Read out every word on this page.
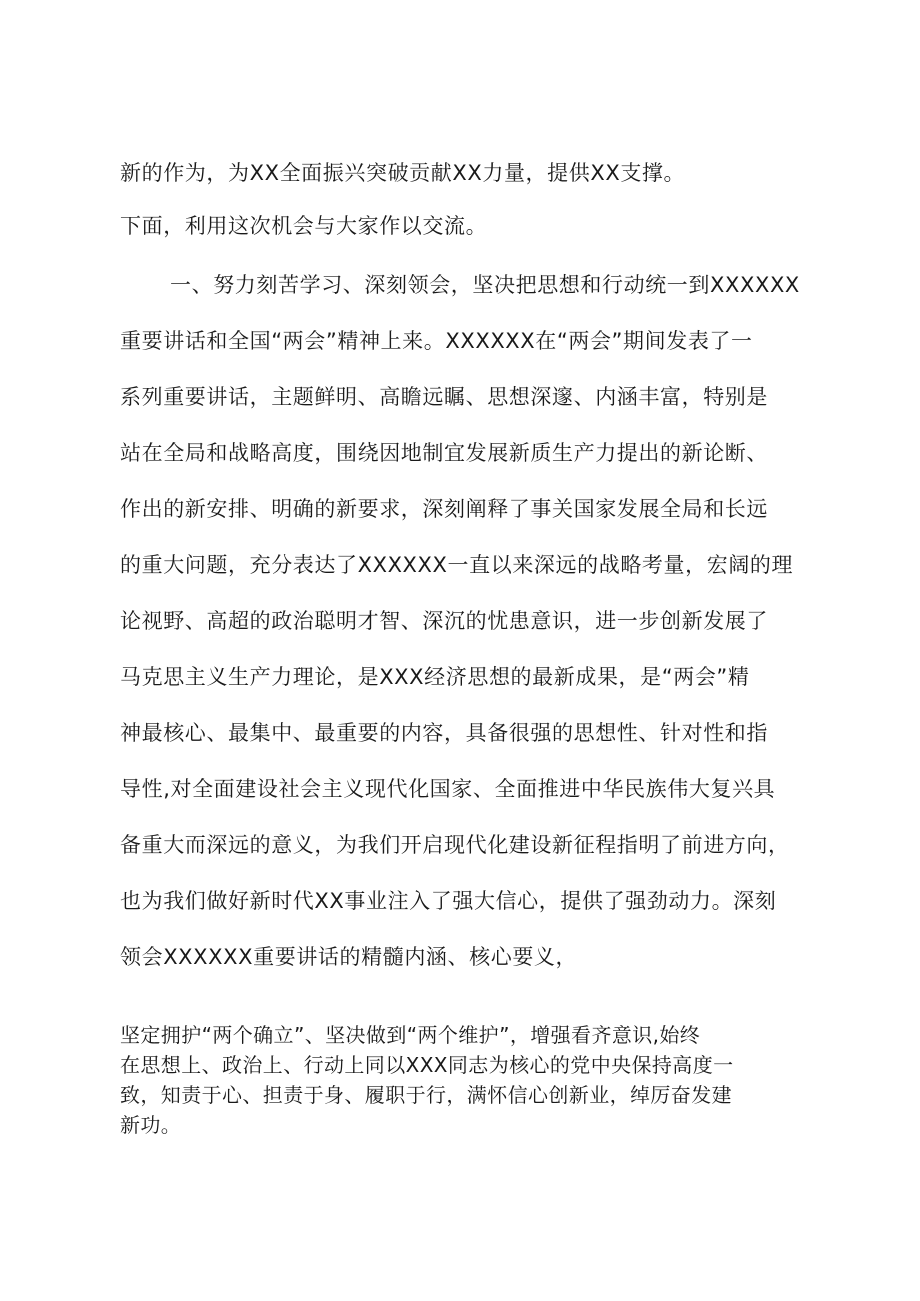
新的作为，为XX全面振兴突破贡献XX力量，提供XX支撑。
下面，利用这次机会与大家作以交流。
一、努力刻苦学习、深刻领会，坚决把思想和行动统一到XXXXXX
重要讲话和全国“两会”精神上来。XXXXXX在“两会”期间发表了一
系列重要讲话，主题鲜明、高瞻远瞩、思想深邃、内涵丰富，特别是
站在全局和战略高度，围绕因地制宜发展新质生产力提出的新论断、
作出的新安排、明确的新要求，深刻阐释了事关国家发展全局和长远
的重大问题，充分表达了XXXXXX一直以来深远的战略考量，宏阔的理
论视野、高超的政治聪明才智、深沉的忧患意识，进一步创新发展了
马克思主义生产力理论，是XXX经济思想的最新成果，是“两会”精
神最核心、最集中、最重要的内容，具备很强的思想性、针对性和指
导性,对全面建设社会主义现代化国家、全面推进中华民族伟大复兴具
备重大而深远的意义，为我们开启现代化建设新征程指明了前进方向，
也为我们做好新时代XX事业注入了强大信心，提供了强劲动力。深刻
领会XXXXXX重要讲话的精髓内涵、核心要义，
坚定拥护“两个确立”、坚决做到“两个维护”，增强看齐意识,始终
在思想上、政治上、行动上同以XXX同志为核心的党中央保持高度一
致，知责于心、担责于身、履职于行，满怀信心创新业，绰厉奋发建
新功。
